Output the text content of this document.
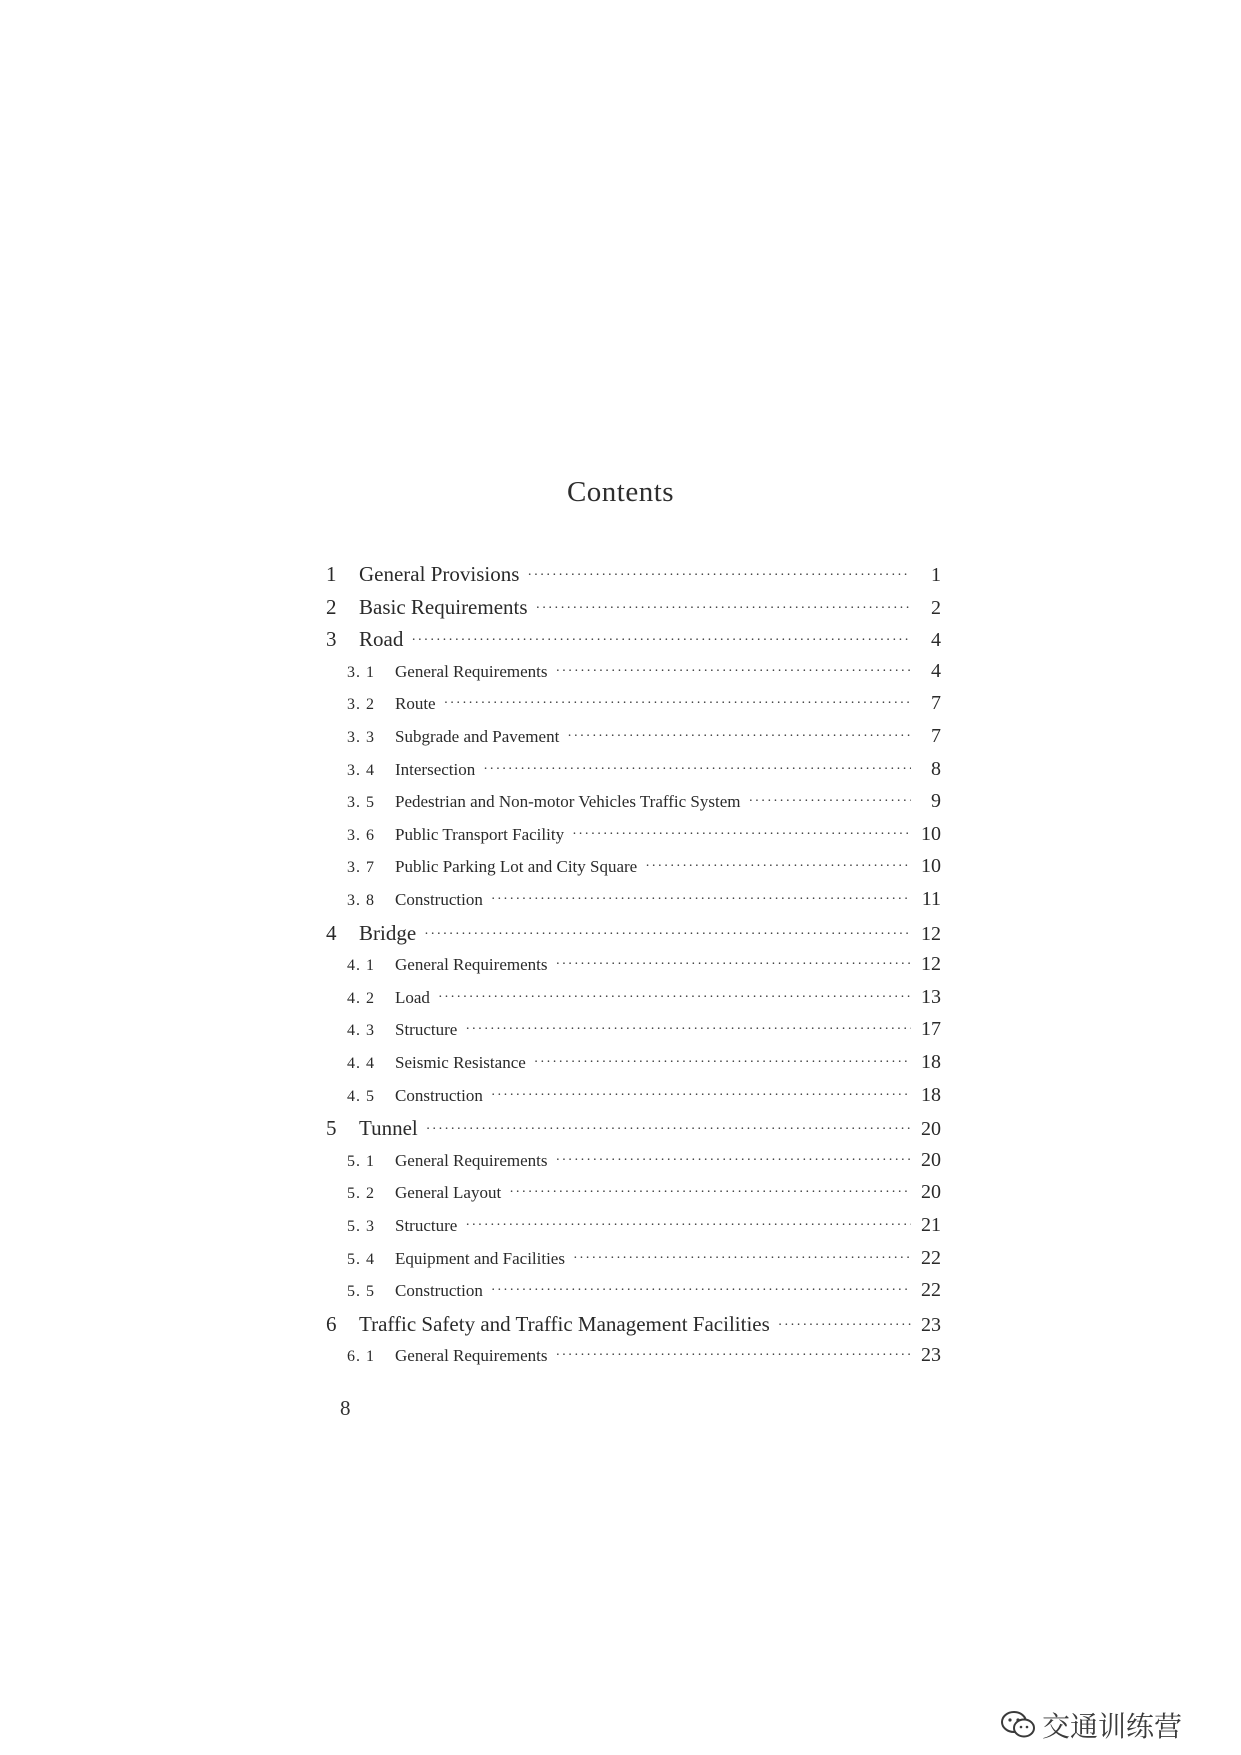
Contents
1	General Provisions ·····	1
2	Basic Requirements ·····	2
3	Road ·····	4
3. 1	General Requirements ·····	4
3. 2	Route ·····	7
3. 3	Subgrade and Pavement ·····	7
3. 4	Intersection ·····	8
3. 5	Pedestrian and Non-motor Vehicles Traffic System ·····	9
3. 6	Public Transport Facility ·····	10
3. 7	Public Parking Lot and City Square ·····	10
3. 8	Construction ·····	11
4	Bridge ·····	12
4. 1	General Requirements ·····	12
4. 2	Load ·····	13
4. 3	Structure ·····	17
4. 4	Seismic Resistance ·····	18
4. 5	Construction ·····	18
5	Tunnel ·····	20
5. 1	General Requirements ·····	20
5. 2	General Layout ·····	20
5. 3	Structure ·····	21
5. 4	Equipment and Facilities ·····	22
5. 5	Construction ·····	22
6	Traffic Safety and Traffic Management Facilities ·····	23
6. 1	General Requirements ·····	23
8
交通训练营
